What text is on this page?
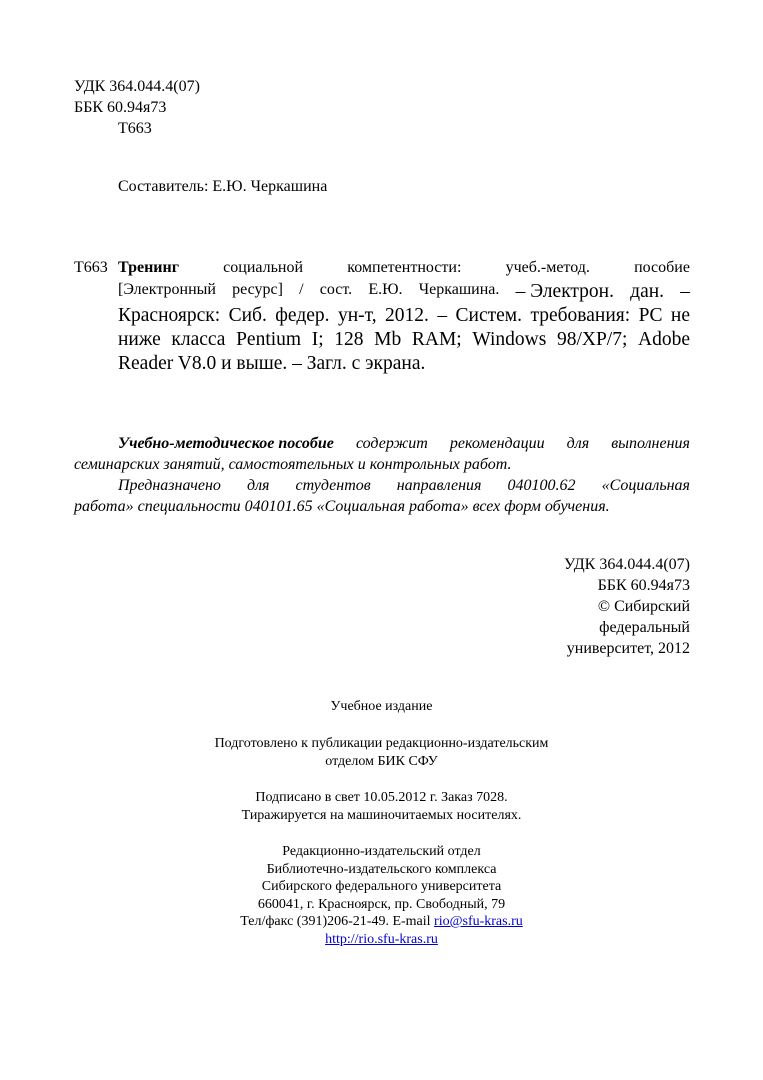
УДК 364.044.4(07)
ББК 60.94я73
Т663
Составитель: Е.Ю. Черкашина
Т663 Тренинг	социальной	компетентности:	учеб.-метод.	пособие
[Электронный ресурс] / сост. Е.Ю. Черкашина. – Электрон. дан. –
Красноярск: Сиб. федер. ун-т, 2012. – Систем. требования: PC не
ниже класса Pentium I; 128 Mb RAM; Windows 98/XP/7; Adobe
Reader V8.0 и выше. – Загл. с экрана.
Учебно-методическое пособие содержит рекомендации для выполнения
семинарских занятий, самостоятельных и контрольных работ.
Предназначено для студентов направления 040100.62 «Социальная
работа» специальности 040101.65 «Социальная работа» всех форм обучения.
УДК 364.044.4(07)
ББК 60.94я73
© Сибирский
федеральный
университет, 2012
Учебное издание
Подготовлено к публикации редакционно-издательским
отделом БИК СФУ
Подписано в свет 10.05.2012 г. Заказ 7028.
Тиражируется на машиночитаемых носителях.
Редакционно-издательский отдел
Библиотечно-издательского комплекса
Сибирского федерального университета
660041, г. Красноярск, пр. Свободный, 79
Тел/факс (391)206-21-49. E-mail rio@sfu-kras.ru
http://rio.sfu-kras.ru
